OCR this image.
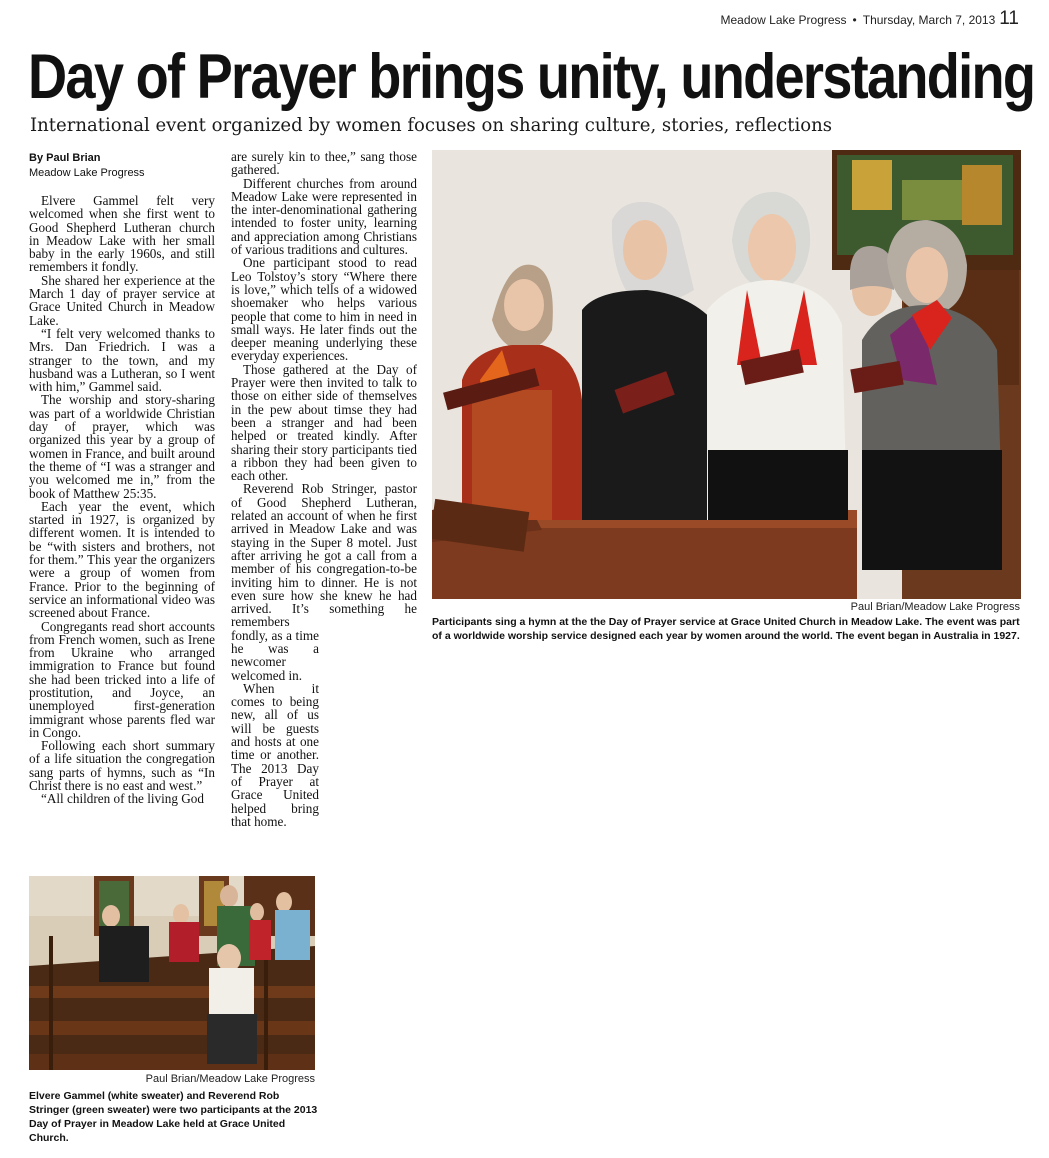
Meadow Lake Progress • Thursday, March 7, 2013 11
Day of Prayer brings unity, understanding
International event organized by women focuses on sharing culture, stories, reflections
By Paul Brian
Meadow Lake Progress

Elvere Gammel felt very welcomed when she first went to Good Shepherd Lutheran church in Meadow Lake with her small baby in the early 1960s, and still remembers it fondly.

She shared her experience at the March 1 day of prayer service at Grace United Church in Meadow Lake.

“I felt very welcomed thanks to Mrs. Dan Friedrich. I was a stranger to the town, and my husband was a Lutheran, so I went with him,” Gammel said.

The worship and story-sharing was part of a worldwide Christian day of prayer, which was organized this year by a group of women in France, and built around the theme of “I was a stranger and you welcomed me in,” from the book of Matthew 25:35.

Each year the event, which started in 1927, is organized by different women. It is intended to be “with sisters and brothers, not for them.” This year the organizers were a group of women from France. Prior to the beginning of service an informational video was screened about France.

Congregants read short accounts from French women, such as Irene from Ukraine who arranged immigration to France but found she had been tricked into a life of prostitution, and Joyce, an unemployed first-generation immigrant whose parents fled war in Congo.

Following each short summary of a life situation the congregation sang parts of hymns, such as “In Christ there is no east and west.”

“All children of the living God

are surely kin to thee,” sang those gathered.

Different churches from around Meadow Lake were represented in the inter-denominational gathering intended to foster unity, learning and appreciation among Christians of various traditions and cultures.

One participant stood to read Leo Tolstoy’s story “Where there is love,” which tells of a widowed shoemaker who helps various people that come to him in need in small ways. He later finds out the deeper meaning underlying these everyday experiences.

Those gathered at the Day of Prayer were then invited to talk to those on either side of themselves in the pew about timse they had been a stranger and had been helped or treated kindly. After sharing their story participants tied a ribbon they had been given to each other.

Reverend Rob Stringer, pastor of Good Shepherd Lutheran, related an account of when he first arrived in Meadow Lake and was staying in the Super 8 motel. Just after arriving he got a call from a member of his congregation-to-be inviting him to dinner. He is not even sure how she knew he had arrived. It’s something he remembers

fondly, as a time he was a newcomer welcomed in.

When it comes to being new, all of us will be guests and hosts at one time or another. The 2013 Day of Prayer at Grace United helped bring that home.

Paul Brian/Meadow Lake Progress
Participants sing a hymn at the the Day of Prayer service at Grace United Church in Meadow Lake. The event was part of a worldwide worship service designed each year by women around the world. The event began in Australia in 1927.
Paul Brian/Meadow Lake Progress
Elvere Gammel (white sweater) and Reverend Rob Stringer (green sweater) were two participants at the 2013 Day of Prayer in Meadow Lake held at Grace United Church.
